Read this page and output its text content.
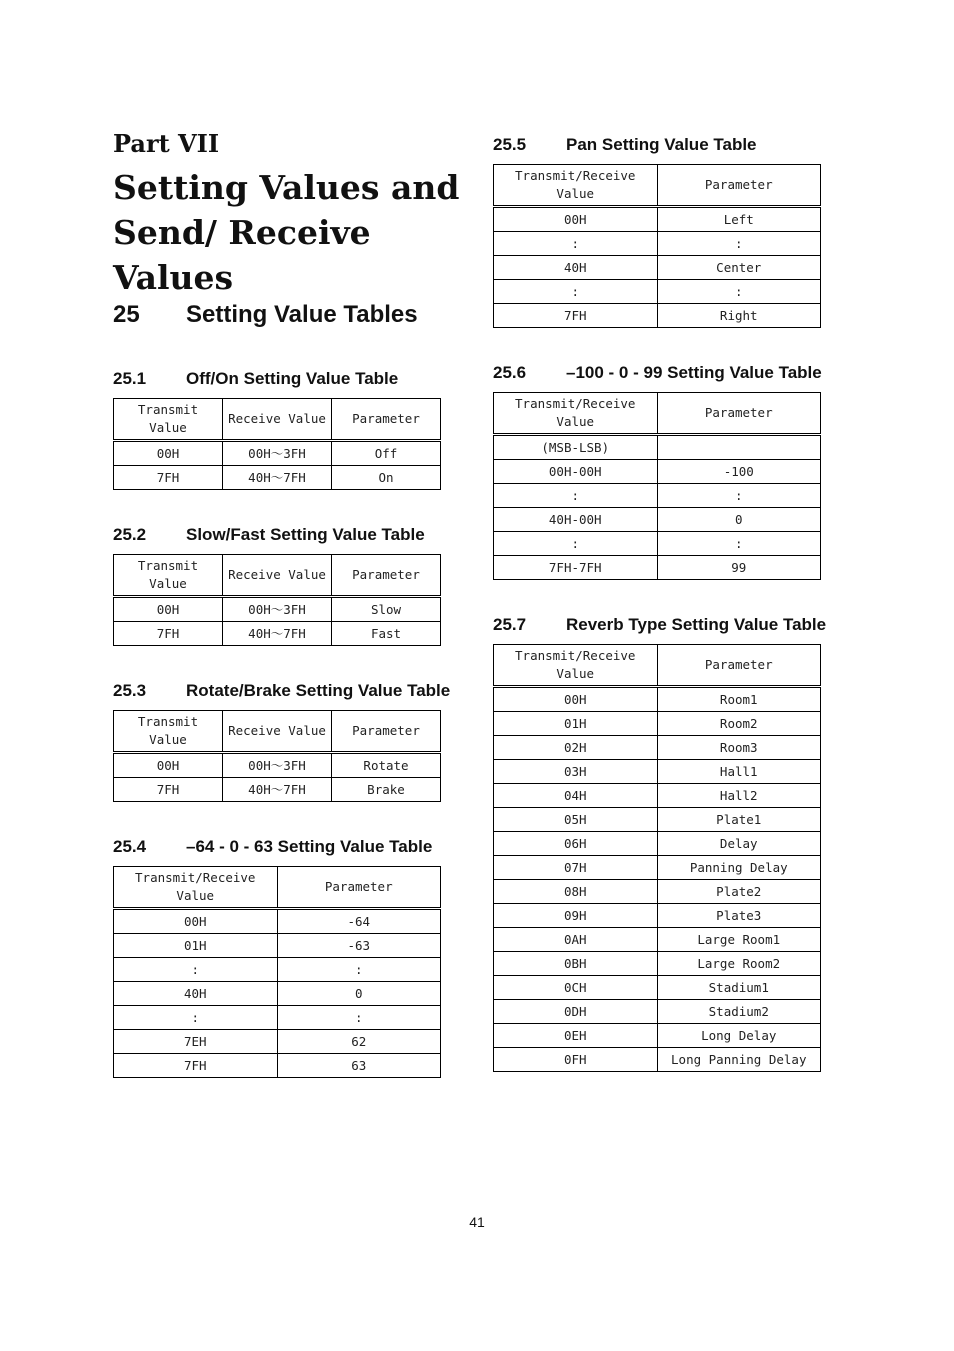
Part VII
Setting Values and Send/ Receive Values
25 Setting Value Tables
25.1 Off/On Setting Value Table
Transmit Value	Receive Value	Parameter
00H	00H〜3FH	Off
7FH	40H〜7FH	On
25.2 Slow/Fast Setting Value Table
Transmit Value	Receive Value	Parameter
00H	00H〜3FH	Slow
7FH	40H〜7FH	Fast
25.3 Rotate/Brake Setting Value Table
Transmit Value	Receive Value	Parameter
00H	00H〜3FH	Rotate
7FH	40H〜7FH	Brake
25.4 –64 - 0 - 63 Setting Value Table
Transmit/Receive Value	Parameter
00H	-64
01H	-63
:	:
40H	0
:	:
7EH	62
7FH	63
25.5 Pan Setting Value Table
Transmit/Receive Value	Parameter
00H	Left
:	:
40H	Center
:	:
7FH	Right
25.6 –100 - 0 - 99 Setting Value Table
Transmit/Receive Value	Parameter
(MSB-LSB)	
00H-00H	-100
:	:
40H-00H	0
:	:
7FH-7FH	99
25.7 Reverb Type Setting Value Table
Transmit/Receive Value	Parameter
00H	Room1
01H	Room2
02H	Room3
03H	Hall1
04H	Hall2
05H	Plate1
06H	Delay
07H	Panning Delay
08H	Plate2
09H	Plate3
0AH	Large Room1
0BH	Large Room2
0CH	Stadium1
0DH	Stadium2
0EH	Long Delay
0FH	Long Panning Delay
41
